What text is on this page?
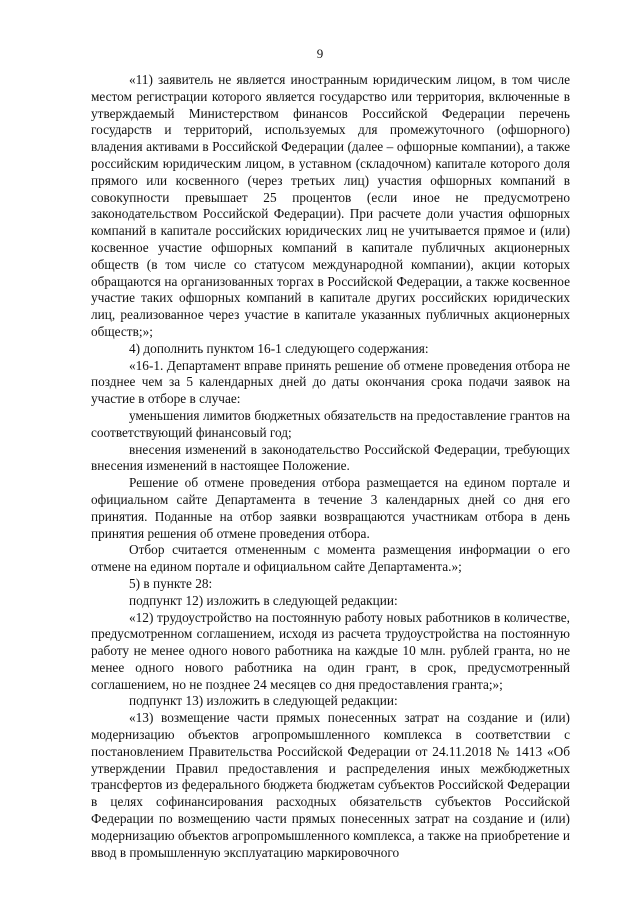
9

«11) заявитель не является иностранным юридическим лицом, в том числе местом регистрации которого является государство или территория, включенные в утверждаемый Министерством финансов Российской Федерации перечень государств и территорий, используемых для промежуточного (офшорного) владения активами в Российской Федерации (далее – офшорные компании), а также российским юридическим лицом, в уставном (складочном) капитале которого доля прямого или косвенного (через третьих лиц) участия офшорных компаний в совокупности превышает 25 процентов (если иное не предусмотрено законодательством Российской Федерации). При расчете доли участия офшорных компаний в капитале российских юридических лиц не учитывается прямое и (или) косвенное участие офшорных компаний в капитале публичных акционерных обществ (в том числе со статусом международной компании), акции которых обращаются на организованных торгах в Российской Федерации, а также косвенное участие таких офшорных компаний в капитале других российских юридических лиц, реализованное через участие в капитале указанных публичных акционерных обществ;»;

4) дополнить пунктом 16-1 следующего содержания:

«16-1. Департамент вправе принять решение об отмене проведения отбора не позднее чем за 5 календарных дней до даты окончания срока подачи заявок на участие в отборе в случае:

уменьшения лимитов бюджетных обязательств на предоставление грантов на соответствующий финансовый год;

внесения изменений в законодательство Российской Федерации, требующих внесения изменений в настоящее Положение.

Решение об отмене проведения отбора размещается на едином портале и официальном сайте Департамента в течение 3 календарных дней со дня его принятия. Поданные на отбор заявки возвращаются участникам отбора в день принятия решения об отмене проведения отбора.

Отбор считается отмененным с момента размещения информации о его отмене на едином портале и официальном сайте Департамента.»;

5) в пункте 28:

подпункт 12) изложить в следующей редакции:

«12) трудоустройство на постоянную работу новых работников в количестве, предусмотренном соглашением, исходя из расчета трудоустройства на постоянную работу не менее одного нового работника на каждые 10 млн. рублей гранта, но не менее одного нового работника на один грант, в срок, предусмотренный соглашением, но не позднее 24 месяцев со дня предоставления гранта;»;

подпункт 13) изложить в следующей редакции:

«13) возмещение части прямых понесенных затрат на создание и (или) модернизацию объектов агропромышленного комплекса в соответствии с постановлением Правительства Российской Федерации от 24.11.2018 № 1413 «Об утверждении Правил предоставления и распределения иных межбюджетных трансфертов из федерального бюджета бюджетам субъектов Российской Федерации в целях софинансирования расходных обязательств субъектов Российской Федерации по возмещению части прямых понесенных затрат на создание и (или) модернизацию объектов агропромышленного комплекса, а также на приобретение и ввод в промышленную эксплуатацию маркировочного
